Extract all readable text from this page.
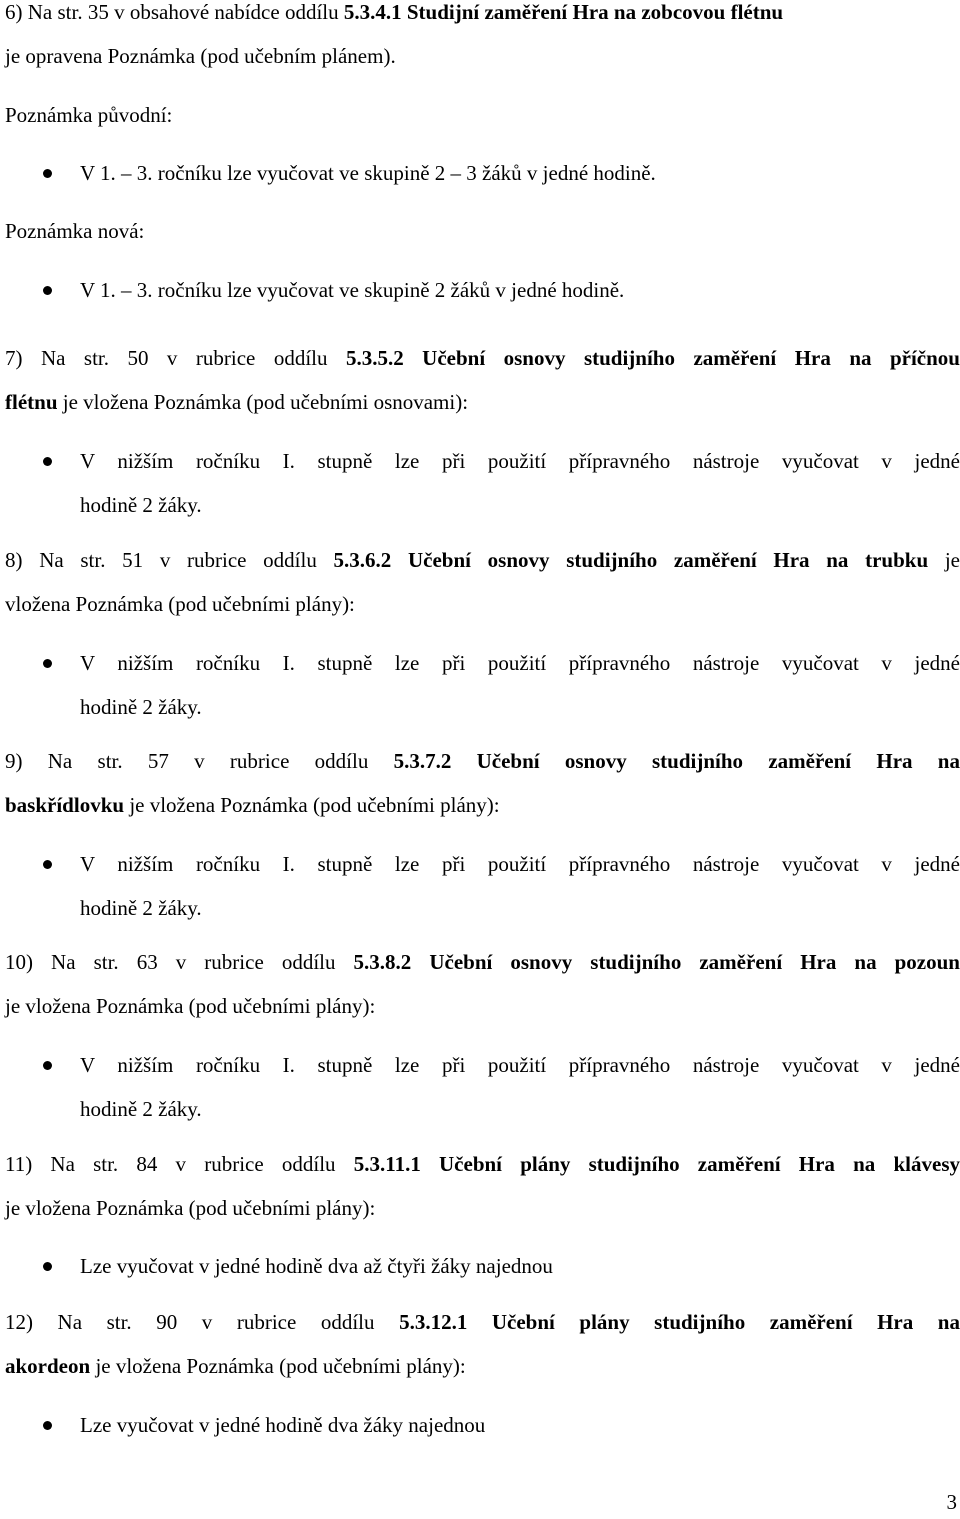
6) Na str. 35 v obsahové nabídce oddílu 5.3.4.1 Studijní zaměření Hra na zobcovou flétnu

je opravena Poznámka (pod učebním plánem).

Poznámka původní:

V 1. – 3. ročníku lze vyučovat ve skupině 2 – 3 žáků v jedné hodině.

Poznámka nová:

V 1. – 3. ročníku lze vyučovat ve skupině 2 žáků v jedné hodině.

7) Na str. 50 v rubrice oddílu 5.3.5.2 Učební osnovy studijního zaměření Hra na příčnou

flétnu je vložena Poznámka (pod učebními osnovami):

V nižším ročníku I. stupně lze při použití přípravného nástroje vyučovat v jedné

hodině 2 žáky.

8) Na str. 51 v rubrice oddílu 5.3.6.2 Učební osnovy studijního zaměření Hra na trubku je

vložena Poznámka (pod učebními plány):

V nižším ročníku I. stupně lze při použití přípravného nástroje vyučovat v jedné

hodině 2 žáky.

9) Na str. 57 v rubrice oddílu 5.3.7.2 Učební osnovy studijního zaměření Hra na

baskřídlovku je vložena Poznámka (pod učebními plány):

V nižším ročníku I. stupně lze při použití přípravného nástroje vyučovat v jedné

hodině 2 žáky.

10) Na str. 63 v rubrice oddílu 5.3.8.2 Učební osnovy studijního zaměření Hra na pozoun

je vložena Poznámka (pod učebními plány):

V nižším ročníku I. stupně lze při použití přípravného nástroje vyučovat v jedné

hodině 2 žáky.

11) Na str. 84 v rubrice oddílu 5.3.11.1 Učební plány studijního zaměření Hra na klávesy

je vložena Poznámka (pod učebními plány):

Lze vyučovat v jedné hodině dva až čtyři žáky najednou

12) Na str. 90 v rubrice oddílu 5.3.12.1 Učební plány studijního zaměření Hra na

akordeon je vložena Poznámka (pod učebními plány):

Lze vyučovat v jedné hodině dva žáky najednou

3
